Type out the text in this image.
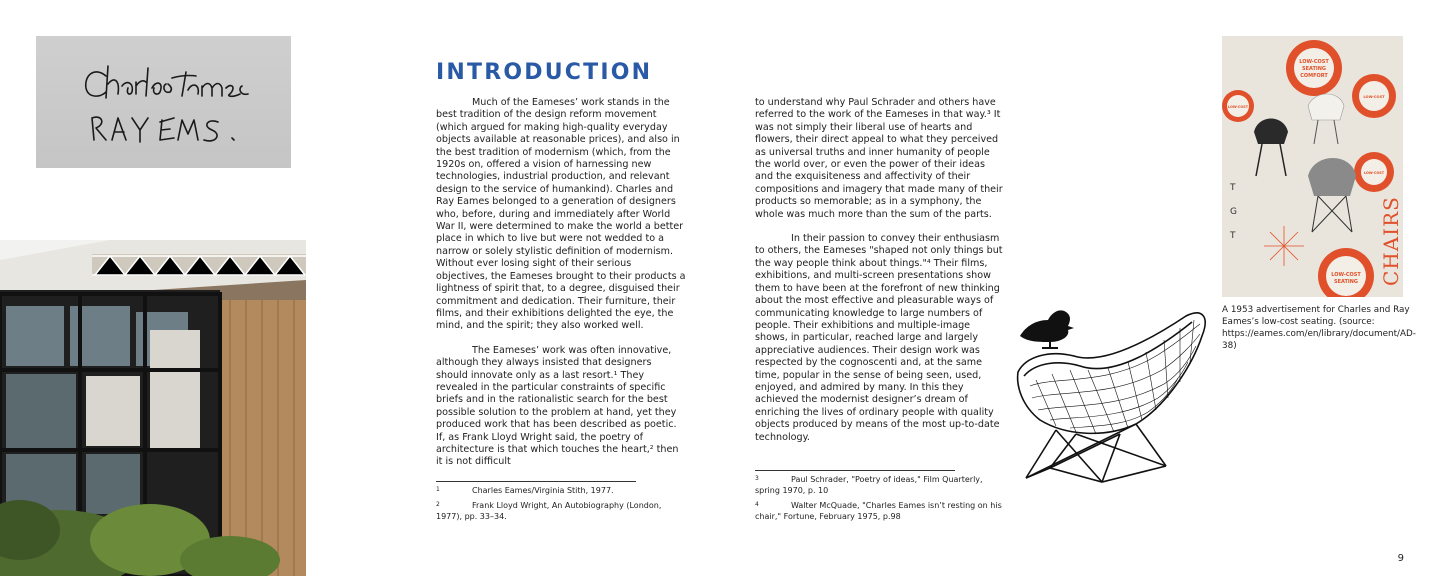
INTRODUCTION

Much of the Eameses’ work stands in the best tradition of the design reform movement (which argued for making high-quality everyday objects available at reasonable prices), and also in the best tradition of modernism (which, from the 1920s on, offered a vision of harnessing new technologies, industrial production, and relevant design to the service of humankind). Charles and Ray Eames belonged to a generation of designers who, before, during and immediately after World War II, were determined to make the world a better place in which to live but were not wedded to a narrow or solely stylistic definition of modernism. Without ever losing sight of their serious objectives, the Eameses brought to their products a lightness of spirit that, to a degree, disguised their commitment and dedication. Their furniture, their films, and their exhibitions delighted the eye, the mind, and the spirit; they also worked well.

The Eameses’ work was often innovative, although they always insisted that designers should innovate only as a last resort.¹ They revealed in the particular constraints of specific briefs and in the rationalistic search for the best possible solution to the problem at hand, yet they produced work that has been described as poetic. If, as Frank Lloyd Wright said, the poetry of architecture is that which touches the heart,² then it is not difficult

to understand why Paul Schrader and others have referred to the work of the Eameses in that way.³ It was not simply their liberal use of hearts and flowers, their direct appeal to what they perceived as universal truths and inner humanity of people the world over, or even the power of their ideas and the exquisiteness and affectivity of their compositions and imagery that made many of their products so memorable; as in a symphony, the whole was much more than the sum of the parts.

In their passion to convey their enthusiasm to others, the Eameses "shaped not only things but the way people think about things."⁴ Their films, exhibitions, and multi-screen presentations show them to have been at the forefront of new thinking about the most effective and pleasurable ways of communicating knowledge to large numbers of people. Their exhibitions and multiple-image shows, in particular, reached large and largely appreciative audiences. Their design work was respected by the cognoscenti and, at the same time, popular in the sense of being seen, used, enjoyed, and admired by many. In this they achieved the modernist designer’s dream of enriching the lives of ordinary people with quality objects produced by means of the most up-to-date technology.

1	Charles Eames/Virginia Stith, 1977.
2	Frank Lloyd Wright, An Autobiography (London, 1977), pp. 33–34.
3	Paul Schrader, "Poetry of ideas," Film Quarterly, spring 1970, p. 10
4	Walter McQuade, "Charles Eames isn’t resting on his chair," Fortune, February 1975, p.98
LOW-COST
SEATING
COMFORT
LOW-COST
LOW-COST
LOW-COST
T
G
T
LOW-COST
SEATING CHAIRS
A 1953 advertisement for Charles and Ray Eames’s low-cost seating. (source: https://eames.com/en/library/document/AD-38)
9
